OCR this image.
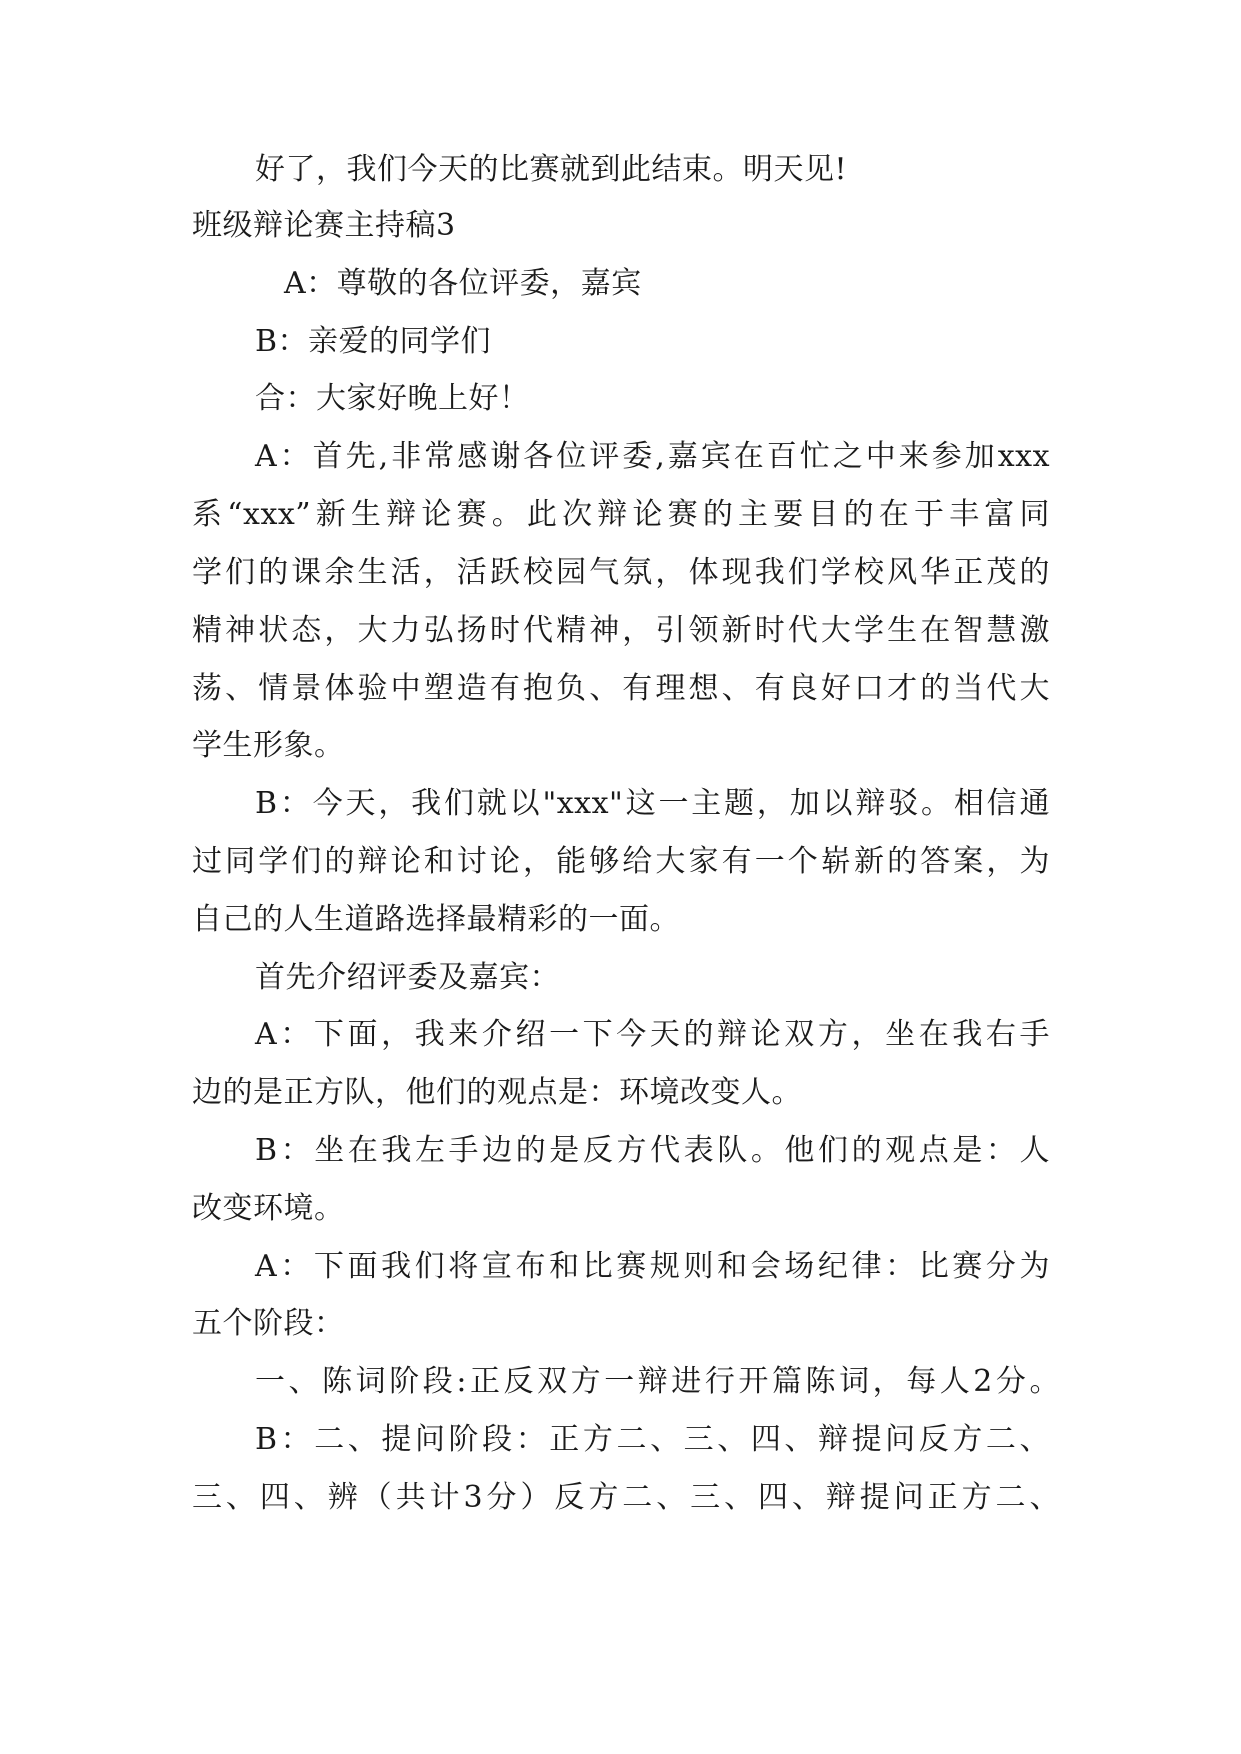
好了，我们今天的比赛就到此结束。明天见!
班级辩论赛主持稿3
A：尊敬的各位评委，嘉宾
B：亲爱的同学们
合：大家好晚上好！
A：首先,非常感谢各位评委,嘉宾在百忙之中来参加xxx
系“xxx”新生辩论赛。此次辩论赛的主要目的在于丰富同
学们的课余生活，活跃校园气氛，体现我们学校风华正茂的
精神状态，大力弘扬时代精神，引领新时代大学生在智慧激
荡、情景体验中塑造有抱负、有理想、有良好口才的当代大
学生形象。
B：今天，我们就以"xxx"这一主题，加以辩驳。相信通
过同学们的辩论和讨论，能够给大家有一个崭新的答案，为
自己的人生道路选择最精彩的一面。
首先介绍评委及嘉宾：
A：下面，我来介绍一下今天的辩论双方，坐在我右手
边的是正方队，他们的观点是：环境改变人。
B：坐在我左手边的是反方代表队。他们的观点是：人
改变环境。
A：下面我们将宣布和比赛规则和会场纪律：比赛分为
五个阶段：
一、陈词阶段:正反双方一辩进行开篇陈词，每人2分。
B：二、提问阶段：正方二、三、四、辩提问反方二、
三、四、辨（共计3分）反方二、三、四、辩提问正方二、
